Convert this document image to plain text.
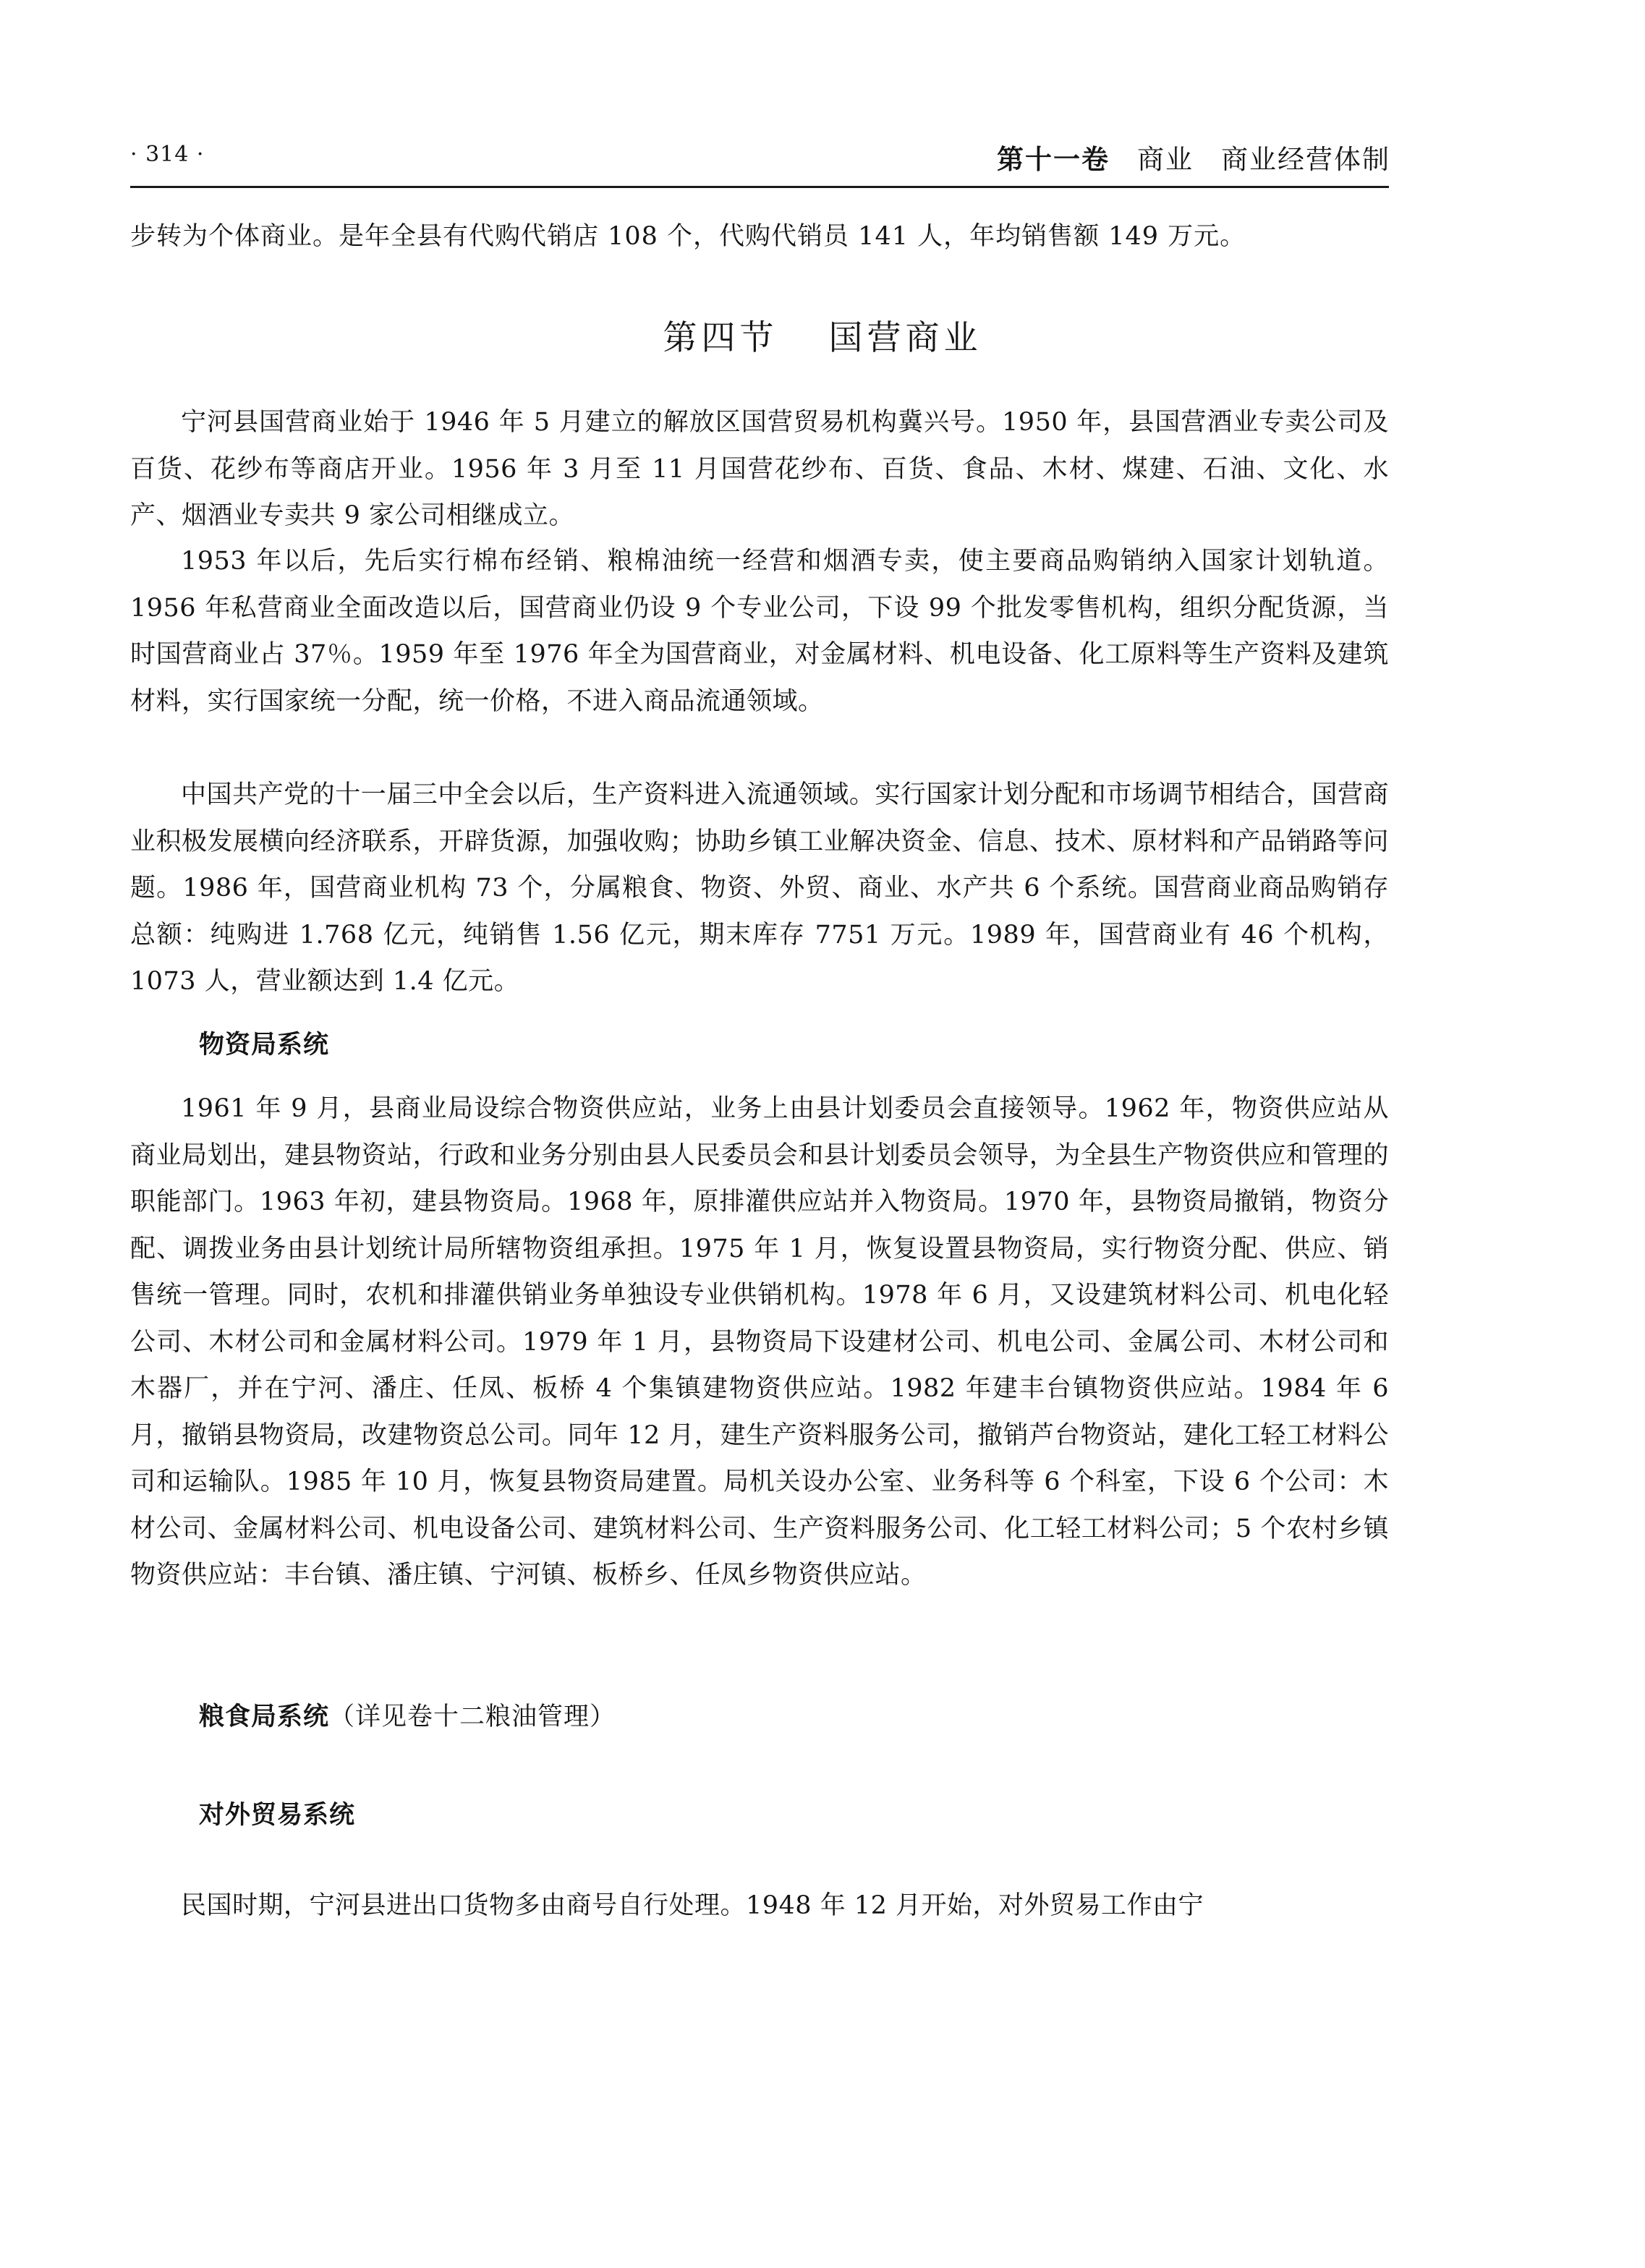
· 314 ·	第十一卷 商业 商业经营体制
步转为个体商业。是年全县有代购代销店 108 个，代购代销员 141 人，年均销售额 149 万元。
第四节 国营商业

宁河县国营商业始于 1946 年 5 月建立的解放区国营贸易机构冀兴号。1950 年，县国营酒业专卖公司及百货、花纱布等商店开业。1956 年 3 月至 11 月国营花纱布、百货、食品、木材、煤建、石油、文化、水产、烟酒业专卖共 9 家公司相继成立。

1953 年以后，先后实行棉布经销、粮棉油统一经营和烟酒专卖，使主要商品购销纳入国家计划轨道。1956 年私营商业全面改造以后，国营商业仍设 9 个专业公司，下设 99 个批发零售机构，组织分配货源，当时国营商业占 37％。1959 年至 1976 年全为国营商业，对金属材料、机电设备、化工原料等生产资料及建筑材料，实行国家统一分配，统一价格，不进入商品流通领域。

中国共产党的十一届三中全会以后，生产资料进入流通领域。实行国家计划分配和市场调节相结合，国营商业积极发展横向经济联系，开辟货源，加强收购；协助乡镇工业解决资金、信息、技术、原材料和产品销路等问题。1986 年，国营商业机构 73 个，分属粮食、物资、外贸、商业、水产共 6 个系统。国营商业商品购销存总额：纯购进 1.768 亿元，纯销售 1.56 亿元，期末库存 7751 万元。1989 年，国营商业有 46 个机构，1073 人，营业额达到 1.4 亿元。

物资局系统

1961 年 9 月，县商业局设综合物资供应站，业务上由县计划委员会直接领导。1962 年，物资供应站从商业局划出，建县物资站，行政和业务分别由县人民委员会和县计划委员会领导，为全县生产物资供应和管理的职能部门。1963 年初，建县物资局。1968 年，原排灌供应站并入物资局。1970 年，县物资局撤销，物资分配、调拨业务由县计划统计局所辖物资组承担。1975 年 1 月，恢复设置县物资局，实行物资分配、供应、销售统一管理。同时，农机和排灌供销业务单独设专业供销机构。1978 年 6 月，又设建筑材料公司、机电化轻公司、木材公司和金属材料公司。1979 年 1 月，县物资局下设建材公司、机电公司、金属公司、木材公司和木器厂，并在宁河、潘庄、任凤、板桥 4 个集镇建物资供应站。1982 年建丰台镇物资供应站。1984 年 6 月，撤销县物资局，改建物资总公司。同年 12 月，建生产资料服务公司，撤销芦台物资站，建化工轻工材料公司和运输队。1985 年 10 月，恢复县物资局建置。局机关设办公室、业务科等 6 个科室，下设 6 个公司：木材公司、金属材料公司、机电设备公司、建筑材料公司、生产资料服务公司、化工轻工材料公司；5 个农村乡镇物资供应站：丰台镇、潘庄镇、宁河镇、板桥乡、任凤乡物资供应站。

粮食局系统（详见卷十二粮油管理）
对外贸易系统

民国时期，宁河县进出口货物多由商号自行处理。1948 年 12 月开始，对外贸易工作由宁
